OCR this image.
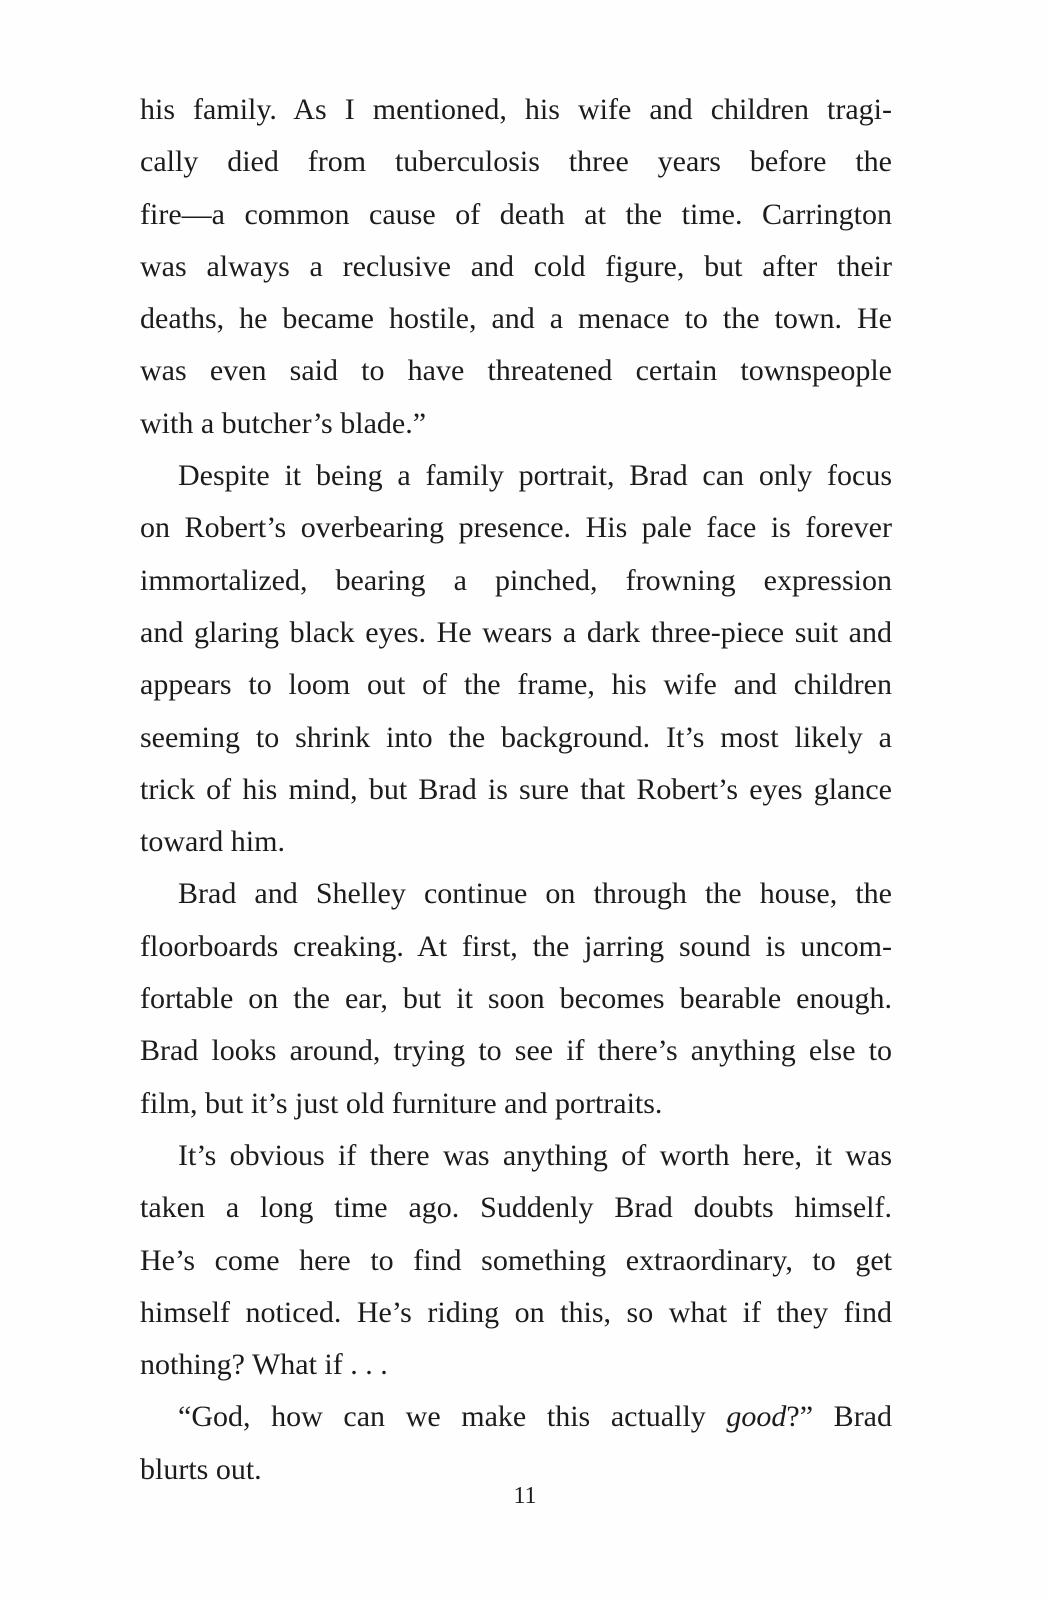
his family. As I mentioned, his wife and children tragi-
cally died from tuberculosis three years before the
fire—a common cause of death at the time. Carrington
was always a reclusive and cold figure, but after their
deaths, he became hostile, and a menace to the town. He
was even said to have threatened certain townspeople
with a butcher’s blade.”

Despite it being a family portrait, Brad can only focus
on Robert’s overbearing presence. His pale face is forever
immortalized, bearing a pinched, frowning expression
and glaring black eyes. He wears a dark three-piece suit and
appears to loom out of the frame, his wife and children
seeming to shrink into the background. It’s most likely a
trick of his mind, but Brad is sure that Robert’s eyes glance
toward him.

Brad and Shelley continue on through the house, the
floorboards creaking. At first, the jarring sound is uncom-
fortable on the ear, but it soon becomes bearable enough.
Brad looks around, trying to see if there’s anything else to
film, but it’s just old furniture and portraits.

It’s obvious if there was anything of worth here, it was
taken a long time ago. Suddenly Brad doubts himself.
He’s come here to find something extraordinary, to get
himself noticed. He’s riding on this, so what if they find
nothing? What if . . .

“God, how can we make this actually good?” Brad
blurts out.

11
